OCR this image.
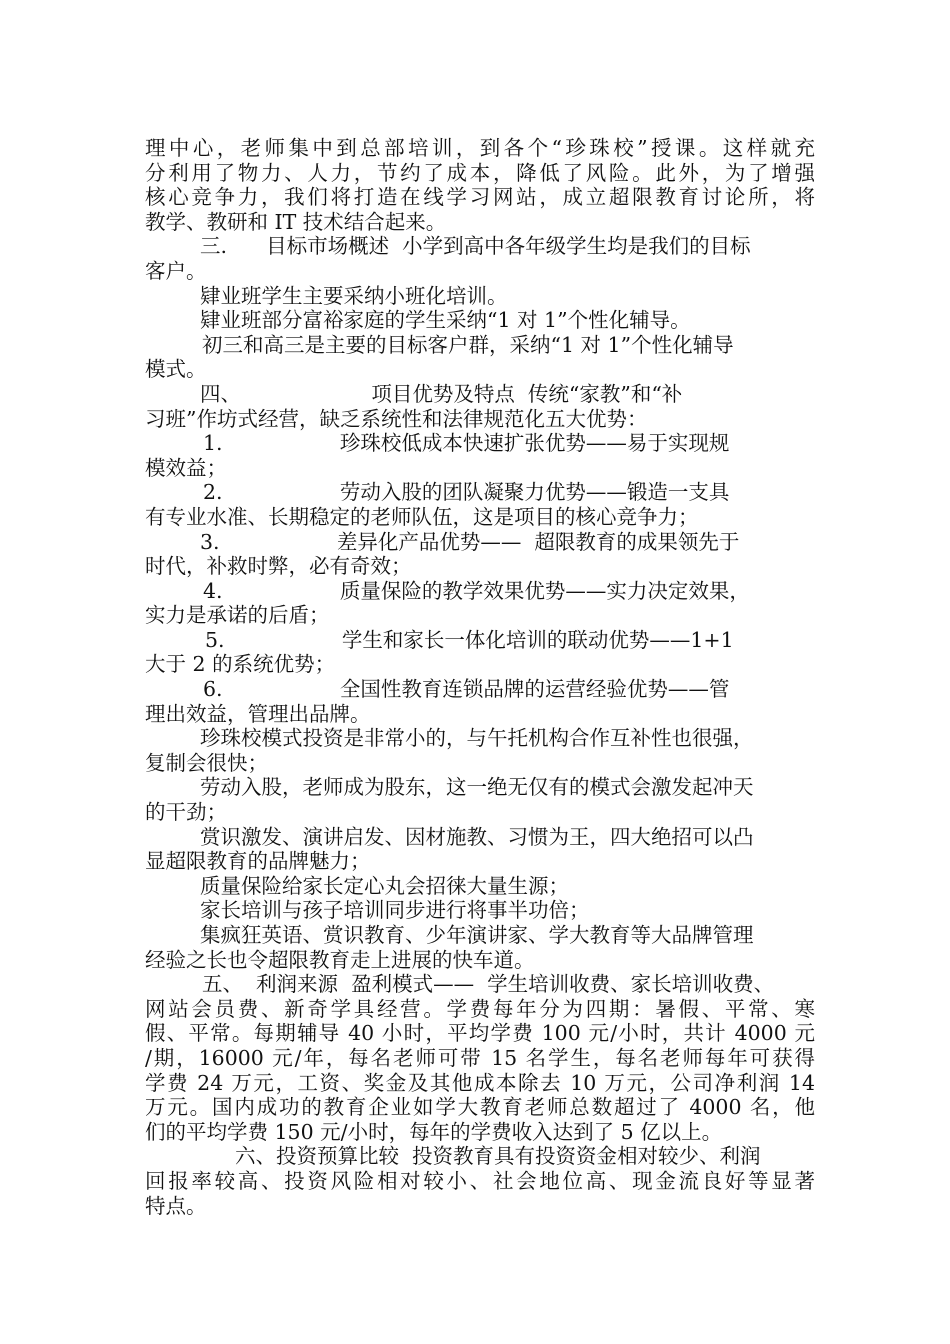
理中心，老师集中到总部培训，到各个“珍珠校”授课。这样就充
分利用了物力、人力，节约了成本，降低了风险。此外，为了增强
核心竞争力，我们将打造在线学习网站，成立超限教育讨论所，将
教学、教研和 IT 技术结合起来。
三.      目标市场概述  小学到高中各年级学生均是我们的目标
客户。
肄业班学生主要采纳小班化培训。
肄业班部分富裕家庭的学生采纳“1 对 1”个性化辅导。
初三和高三是主要的目标客户群，采纳“1 对 1”个性化辅导
模式。
四、                    项目优势及特点  传统“家教”和“补
习班”作坊式经营，缺乏系统性和法律规范化五大优势：
1.                  珍珠校低成本快速扩张优势——易于实现规
模效益；
2.                  劳动入股的团队凝聚力优势——锻造一支具
有专业水准、长期稳定的老师队伍，这是项目的核心竞争力；
3.                  差异化产品优势——  超限教育的成果领先于
时代，补救时弊，必有奇效；
4.                  质量保险的教学效果优势——实力决定效果，
实力是承诺的后盾；
5.                  学生和家长一体化培训的联动优势——1+1
大于 2 的系统优势；
6.                  全国性教育连锁品牌的运营经验优势——管
理出效益，管理出品牌。
珍珠校模式投资是非常小的，与午托机构合作互补性也很强，
复制会很快；
劳动入股，老师成为股东，这一绝无仅有的模式会激发起冲天
的干劲；
赏识激发、演讲启发、因材施教、习惯为王，四大绝招可以凸
显超限教育的品牌魅力；
质量保险给家长定心丸会招徕大量生源；
家长培训与孩子培训同步进行将事半功倍；
集疯狂英语、赏识教育、少年演讲家、学大教育等大品牌管理
经验之长也令超限教育走上进展的快车道。
五、  利润来源  盈利模式——  学生培训收费、家长培训收费、
网站会员费、新奇学具经营。学费每年分为四期：暑假、平常、寒
假、平常。每期辅导 40 小时，平均学费 100 元/小时，共计 4000 元
/期，16000 元/年，每名老师可带 15 名学生，每名老师每年可获得
学费 24 万元，工资、奖金及其他成本除去 10 万元，公司净利润 14
万元。国内成功的教育企业如学大教育老师总数超过了 4000 名，他
们的平均学费 150 元/小时，每年的学费收入达到了 5 亿以上。
六、投资预算比较  投资教育具有投资资金相对较少、利润
回报率较高、投资风险相对较小、社会地位高、现金流良好等显著
特点。
